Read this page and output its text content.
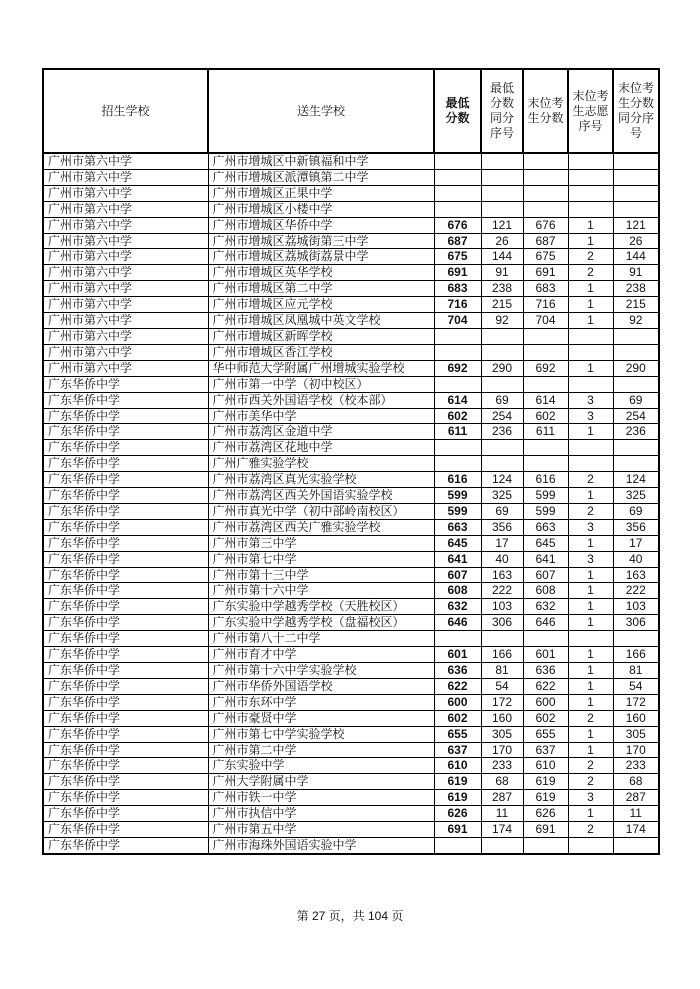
招生学校	送生学校	最低分数	最低分数同分序号	末位考生分数	末位考生志愿序号	末位考生分数同分序号
广州市第六中学	广州市增城区中新镇福和中学					
广州市第六中学	广州市增城区派潭镇第二中学					
广州市第六中学	广州市增城区正果中学					
广州市第六中学	广州市增城区小楼中学					
广州市第六中学	广州市增城区华侨中学	676	121	676	1	121
广州市第六中学	广州市增城区荔城街第三中学	687	26	687	1	26
广州市第六中学	广州市增城区荔城街荔景中学	675	144	675	2	144
广州市第六中学	广州市增城区英华学校	691	91	691	2	91
广州市第六中学	广州市增城区第二中学	683	238	683	1	238
广州市第六中学	广州市增城区应元学校	716	215	716	1	215
广州市第六中学	广州市增城区凤凰城中英文学校	704	92	704	1	92
广州市第六中学	广州市增城区新晖学校					
广州市第六中学	广州市增城区香江学校					
广州市第六中学	华中师范大学附属广州增城实验学校	692	290	692	1	290
广东华侨中学	广州市第一中学（初中校区）					
广东华侨中学	广州市西关外国语学校（校本部）	614	69	614	3	69
广东华侨中学	广州市美华中学	602	254	602	3	254
广东华侨中学	广州市荔湾区金道中学	611	236	611	1	236
广东华侨中学	广州市荔湾区花地中学					
广东华侨中学	广州广雅实验学校					
广东华侨中学	广州市荔湾区真光实验学校	616	124	616	2	124
广东华侨中学	广州市荔湾区西关外国语实验学校	599	325	599	1	325
广东华侨中学	广州市真光中学（初中部岭南校区）	599	69	599	2	69
广东华侨中学	广州市荔湾区西关广雅实验学校	663	356	663	3	356
广东华侨中学	广州市第三中学	645	17	645	1	17
广东华侨中学	广州市第七中学	641	40	641	3	40
广东华侨中学	广州市第十三中学	607	163	607	1	163
广东华侨中学	广州市第十六中学	608	222	608	1	222
广东华侨中学	广东实验中学越秀学校（天胜校区）	632	103	632	1	103
广东华侨中学	广东实验中学越秀学校（盘福校区）	646	306	646	1	306
广东华侨中学	广州市第八十二中学					
广东华侨中学	广州市育才中学	601	166	601	1	166
广东华侨中学	广州市第十六中学实验学校	636	81	636	1	81
广东华侨中学	广州市华侨外国语学校	622	54	622	1	54
广东华侨中学	广州市东环中学	600	172	600	1	172
广东华侨中学	广州市豪贤中学	602	160	602	2	160
广东华侨中学	广州市第七中学实验学校	655	305	655	1	305
广东华侨中学	广州市第二中学	637	170	637	1	170
广东华侨中学	广东实验中学	610	233	610	2	233
广东华侨中学	广州大学附属中学	619	68	619	2	68
广东华侨中学	广州市铁一中学	619	287	619	3	287
广东华侨中学	广州市执信中学	626	11	626	1	11
广东华侨中学	广州市第五中学	691	174	691	2	174
广东华侨中学	广州市海珠外国语实验中学					
第 27 页，共 104 页
